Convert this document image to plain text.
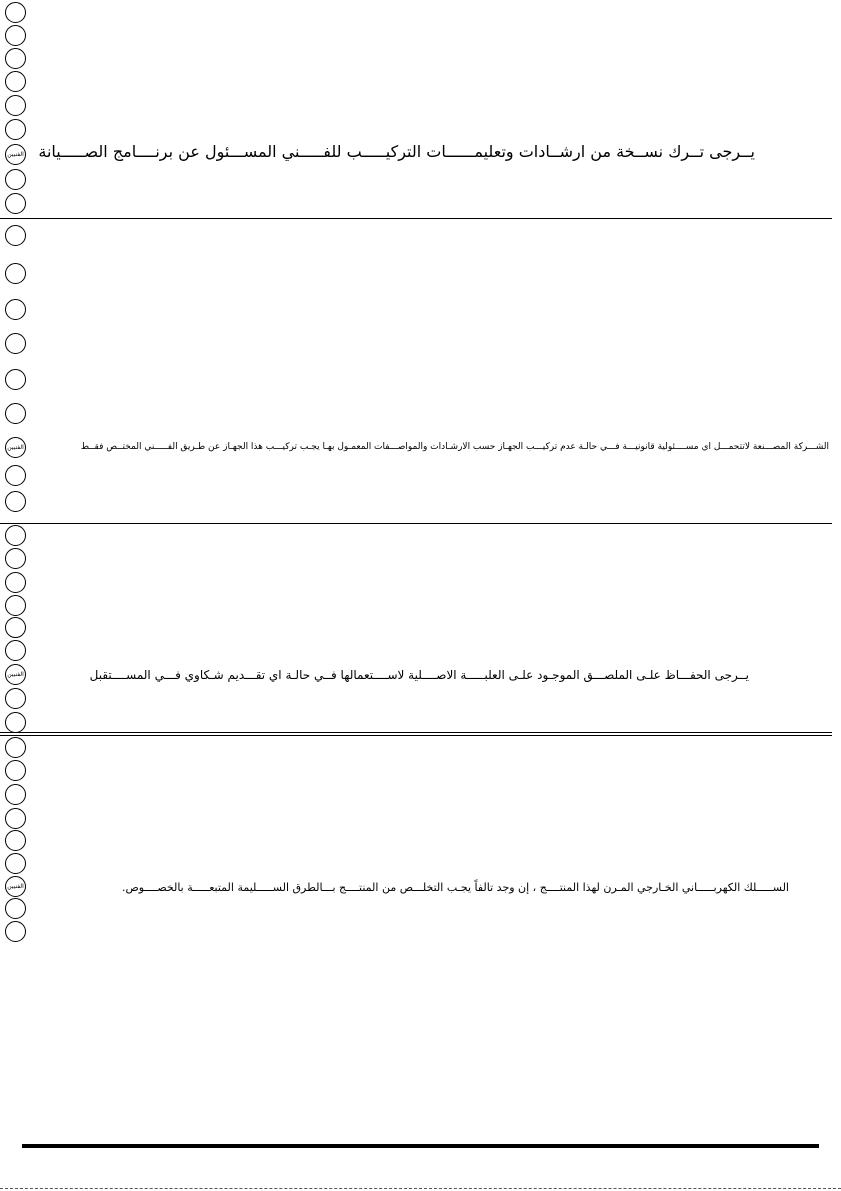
الفنيين
الفنيين
الفنيين
الفنيين
يــرجى تــرك نســخة من ارشــادات وتعليمــــــات التركيـــــب للفـــــني المســـئول عن برنــــامج الصـــــيانة
الشـــركة المصـــنعة لاتتحمـــل اي مســــئولية قانونيـــة فـــي حالـة عدم تركيـــب الجهـاز حسب الارشـادات والمواصـــفات المعمـول بهـا يجـب تركيـــب هذا الجهـاز عن طـريق الفـــــني المختــص فقــط
يــرجى الحفـــاظ علـى الملصـــق الموجـود علـى العلبـــــة الاصــــلية لاســــتعمالها فــي حالـة اي تقـــديم شـكاوي فـــي المســــتقبل
الســـــلك الكهربـــــاني الخـارجي المـرن لهذا المنتــــج ، إن وجد تالفاً يجـب التخلـــص من المنتــــج بـــالطرق الســـــليمة المتبعـــــة بالخصــــوص.
